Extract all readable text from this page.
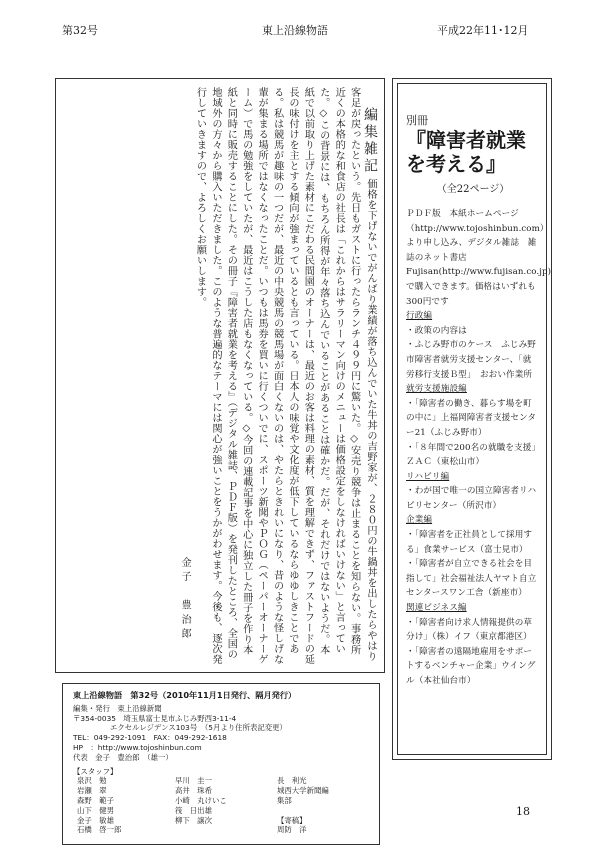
第32号	東上沿線物語	平成22年11･12月
編集雑記 価格を下げないでがんばり業績が落ち込んでいた牛丼の吉野家が、２８０円の牛鍋丼を出したらやはり客足が戻ったという。先日もガストに行ったらランチ４９９円に驚いた。◇安売り競争は止まることを知らない。事務所近くの本格的な和食店の社長は「これからはサラリーマン向けのメニューは価格設定をしなければいけない」と言っていた。◇この背景には、もちろん所得が年々落ち込んでいることがあることは確かだ。だが、それだけではないようだ。本紙で以前取り上げた素材にこだわる民間園のオーナーは、最近のお客は料理の素材、質を理解できず、ファストフードの延長の味付けを主とする傾向が強まっているとも言っている。日本人の味覚や文化度が低下しているならゆゆしきことである。私は競馬が趣味の一つだが、最近の中央競馬の競馬場が面白くないのは、やたらときれいになり、昔のような怪しげな輩が集まる場所ではなくなったことだ。いつもは馬券を買いに行くついでに、スポーツ新聞やＰＯＧ（ペーパーオーナーゲーム）で馬の勉強をしていたが、最近はこうした店もなくなっている。◇今回の連載記事を中心に独立した冊子を作り本紙と同時に販売することにした。その冊子『障害者就業を考える』（デジタル雑誌、ＰＤＦ版）を発刊したところ、全国の地域外の方々から購入いただきました。このような普遍的なテーマには関心が強いことをうかがわせます。今後も、逐次発行していきますので、よろしくお願いします。 金子　豊治郎
別冊
『障害者就業を考える』
（全22ページ）

ＰＤＦ版　本紙ホームページ（http://www.tojoshinbun.com）より申し込み、デジタル雑誌　雑誌のネット書店Fujisan(http://www.fujisan.co.jp)　で購入できます。価格はいずれも300円です

行政編
・政策の内容は
・ふじみ野市のケース　ふじみ野市障害者就労支援センター、「就労移行支援Ｂ型」　おおい作業所
就労支援施設編
・「障害者の働き、暮らす場を町の中に」上福岡障害者支援センター21（ふじみ野市）
・「８年間で200名の就職を支援」　ＺＡＣ（東松山市）
リハビリ編
・わが国で唯一の国立障害者リハビリセンター（所沢市）
企業編
・「障害者を正社員として採用する」食業サービス（富士見市）
・「障害者が自立できる社会を目指して」社会福祉法人ヤマト自立センタースワン工舎（新座市）
関連ビジネス編
・「障害者向け求人情報提供の草分け」（株）イフ（東京都港区）
・「障害者の遠隔地雇用をサポートするベンチャー企業」ウイングル（本社仙台市）
東上沿線物語　第32号（2010年11月1日発行、隔月発行）
編集・発行　東上沿線新聞
〒354-0035　埼玉県富士見市ふじみ野西3-11-4
　　　　　エクセルレジデンス103号　（5月より住所表記変更）
TEL：049-292-1091　FAX：049-292-1618
HP　：http://www.tojoshinbun.com
代表　金子　豊治郎　（雄一）
【スタッフ】
泉沢　勉
岩瀬　翠
森野　範子
山下　健男
金子　敏雄
石橋　啓一郎
早川　圭一
高井　珠希
小崎　丸けいこ
筏　日出雄
柳下　譲次
長　利光
城西大学新聞編
集部

【寄稿】
周防　洋
18
